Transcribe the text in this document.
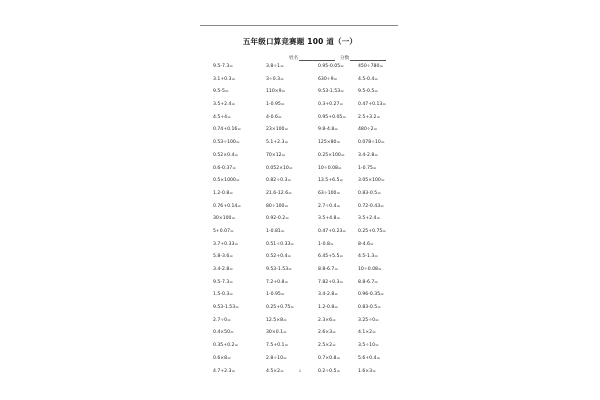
五年级口算竞赛题 100 道（一）
姓名	分数
9.5-7.3=	3.8÷1=	0.95-0.05=	450÷780=
3.1+0.3=	3÷0.3=	630÷9=	4.5-0.4=
9.5-5=	110×9=	9.53-1.53=	9.5-0.5=
3.5+2.4=	1-0.95=	0.3+0.27=	0.47+0.13=
4.5+4=	4-0.6=	0.95+0.05=	2.5+3.2=
0.74+0.16=	23×100=	9.8-4.8=	480÷2=
0.53÷100=	5.1+2.3=	125×80=	0.078÷10=
0.52×0.4=	70×12=	0.25×100=	3.4-2.8=
0.6-0.37=	0.052×10=	10÷0.08=	1-0.75=
0.5×1000=	0.82÷0.3=	13.5+6.5=	3.05×100=
1.2-0.8=	21.6-12.6=	63÷100=	0.83-0.5=
0.76+0.14=	80÷100=	2.7÷0.4=	0.72-0.43=
30×100=	0.92-0.2=	3.5+4.8=	3.5+2.4=
5+0.07=	1-0.81=	0.47+0.23=	0.25+0.75=
3.7+0.33=	0.51÷0.33=	1-0.8=	8-4.6=
5.8-3.6=	0.52+0.4=	6.45+5.5=	4.5-1.3=
3.4-2.8=	9.53-1.53=	8.8-6.7=	10÷0.08=
9.5-7.3=	7.2+0.8=	7.82+0.3=	8.8-6.7=
1.5-0.3=	1-0.95=	3.4-2.8=	0.96-0.35=
9.53-1.53=	0.25+0.75=	1.2-0.8=	0.83-0.5=
2.7÷0=	12.5×8=	2.3×6=	3.25÷0=
0.4×50=	30×0.1=	2.6×3=	4.1×2=
0.35+0.2=	7.5+0.1=	2.5×2=	3.5÷10=
0.6×8=	2.8÷10=	0.7×0.8=	5.6+0.4=
4.7+2.3=	4.5×2=	0.2÷0.5=	1.6×3=
1
